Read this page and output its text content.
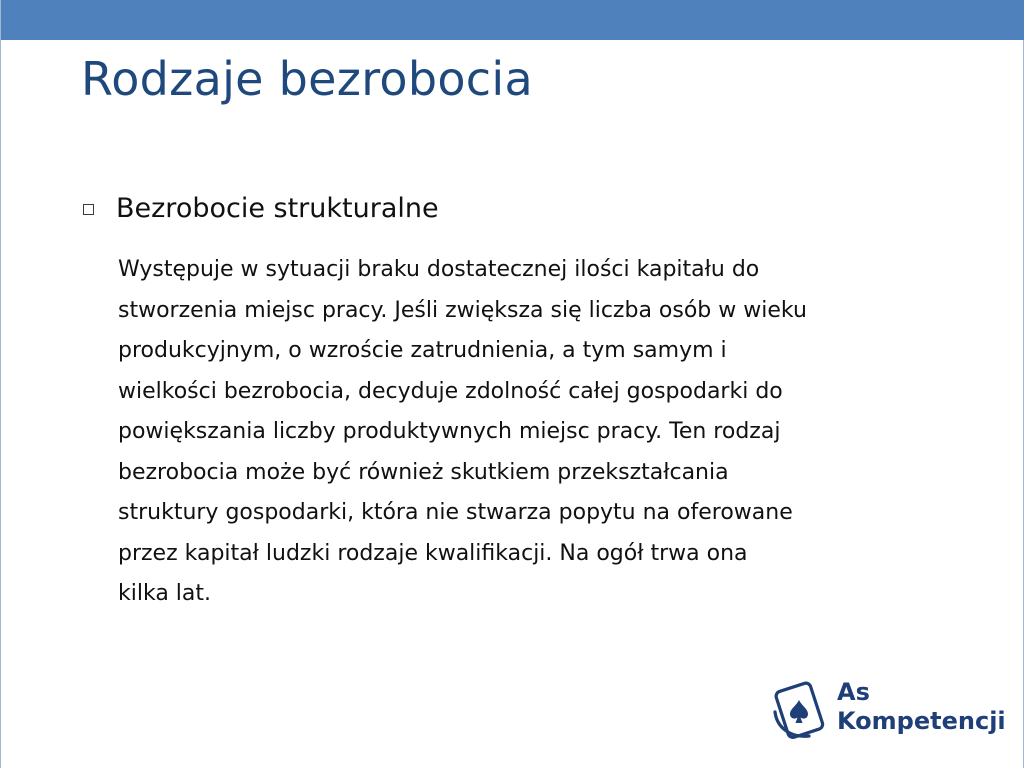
Rodzaje bezrobocia
Bezrobocie strukturalne
Występuje w sytuacji braku dostatecznej ilości kapitału do
stworzenia miejsc pracy. Jeśli zwiększa się liczba osób w wieku
produkcyjnym, o wzroście zatrudnienia, a tym samym i
wielkości bezrobocia, decyduje zdolność całej gospodarki do
powiększania liczby produktywnych miejsc pracy. Ten rodzaj
bezrobocia może być również skutkiem przekształcania
struktury gospodarki, która nie stwarza popytu na oferowane
przez kapitał ludzki rodzaje kwalifikacji. Na ogół trwa ona
kilka lat.
As
Kompetencji
